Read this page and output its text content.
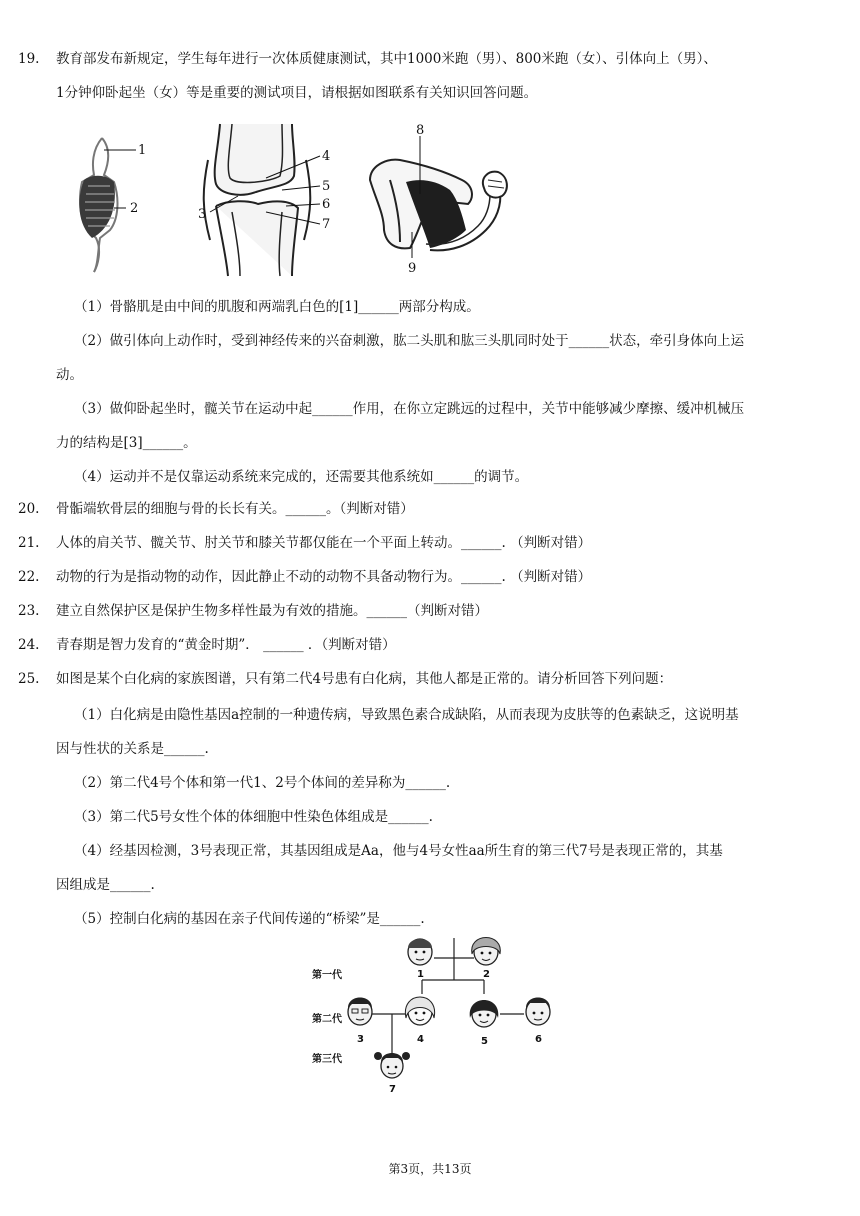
19. 教育部发布新规定，学生每年进行一次体质健康测试，其中1000米跑（男）、800米跑（女）、引体向上（男）、
1分钟仰卧起坐（女）等是重要的测试项目，请根据如图联系有关知识回答问题。
1
2
4
5
6
7
3
8
9
（1）骨骼肌是由中间的肌腹和两端乳白色的[1]______两部分构成。
（2）做引体向上动作时，受到神经传来的兴奋刺激，肱二头肌和肱三头肌同时处于______状态，牵引身体向上运
动。
（3）做仰卧起坐时，髋关节在运动中起______作用，在你立定跳远的过程中，关节中能够减少摩擦、缓冲机械压
力的结构是[3]______。
（4）运动并不是仅靠运动系统来完成的，还需要其他系统如______的调节。
20. 骨骺端软骨层的细胞与骨的长长有关。______。（判断对错）
21. 人体的肩关节、髋关节、肘关节和膝关节都仅能在一个平面上转动。______. （判断对错）
22. 动物的行为是指动物的动作，因此静止不动的动物不具备动物行为。______. （判断对错）
23. 建立自然保护区是保护生物多样性最为有效的措施。______（判断对错）
24. 青春期是智力发育的“黄金时期”． ______ ．（判断对错）
25. 如图是某个白化病的家族图谱，只有第二代4号患有白化病，其他人都是正常的。请分析回答下列问题：
（1）白化病是由隐性基因a控制的一种遗传病，导致黑色素合成缺陷，从而表现为皮肤等的色素缺乏，这说明基
因与性状的关系是______.
（2）第二代4号个体和第一代1、2号个体间的差异称为______.
（3）第二代5号女性个体的体细胞中性染色体组成是______.
（4）经基因检测，3号表现正常，其基因组成是Aa，他与4号女性aa所生育的第三代7号是表现正常的，其基
因组成是______.
（5）控制白化病的基因在亲子代间传递的“桥梁”是______.
第一代
第二代
第三代
1	2
3	4	5	6
7
第3页，共13页
